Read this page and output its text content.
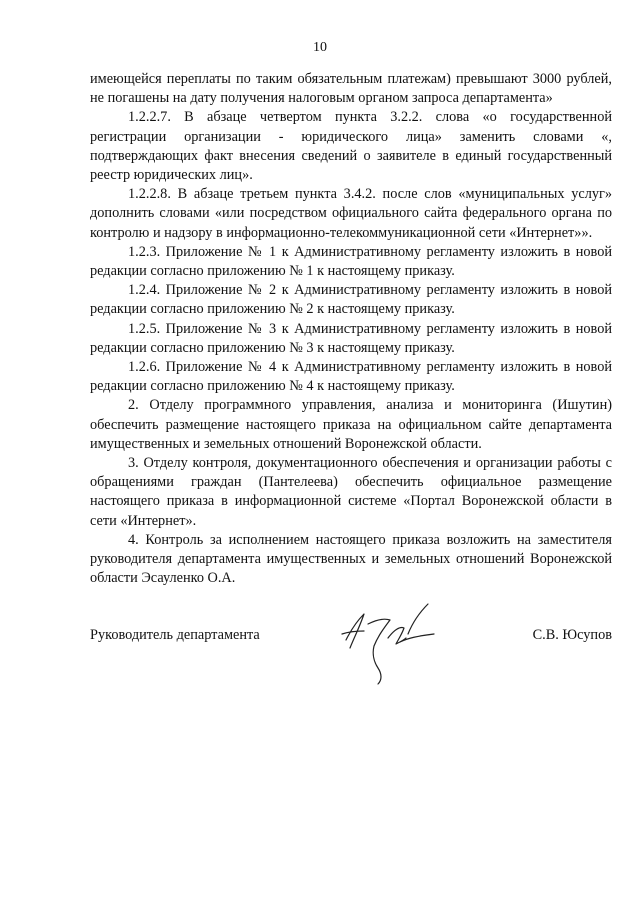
10

имеющейся переплаты по таким обязательным платежам) превышают 3000 рублей, не погашены на дату получения налоговым органом запроса департамента»

1.2.2.7. В абзаце четвертом пункта 3.2.2. слова «о государственной регистрации организации - юридического лица» заменить словами «, подтверждающих факт внесения сведений о заявителе в единый государственный реестр юридических лиц».

1.2.2.8. В абзаце третьем пункта 3.4.2. после слов «муниципальных услуг» дополнить словами «или посредством официального сайта федерального органа по контролю и надзору в информационно-телекоммуникационной сети «Интернет»».

1.2.3. Приложение № 1 к Административному регламенту изложить в новой редакции согласно приложению № 1 к настоящему приказу.

1.2.4. Приложение № 2 к Административному регламенту изложить в новой редакции согласно приложению № 2 к настоящему приказу.

1.2.5. Приложение № 3 к Административному регламенту изложить в новой редакции согласно приложению № 3 к настоящему приказу.

1.2.6. Приложение № 4 к Административному регламенту изложить в новой редакции согласно приложению № 4 к настоящему приказу.

2. Отделу программного управления, анализа и мониторинга (Ишутин) обеспечить размещение настоящего приказа на официальном сайте департамента имущественных и земельных отношений Воронежской области.

3. Отделу контроля, документационного обеспечения и организации работы с обращениями граждан (Пантелеева) обеспечить официальное размещение настоящего приказа в информационной системе «Портал Воронежской области в сети «Интернет».

4. Контроль за исполнением настоящего приказа возложить на заместителя руководителя департамента имущественных и земельных отношений Воронежской области Эсауленко О.А.

Руководитель департамента	С.В. Юсупов
